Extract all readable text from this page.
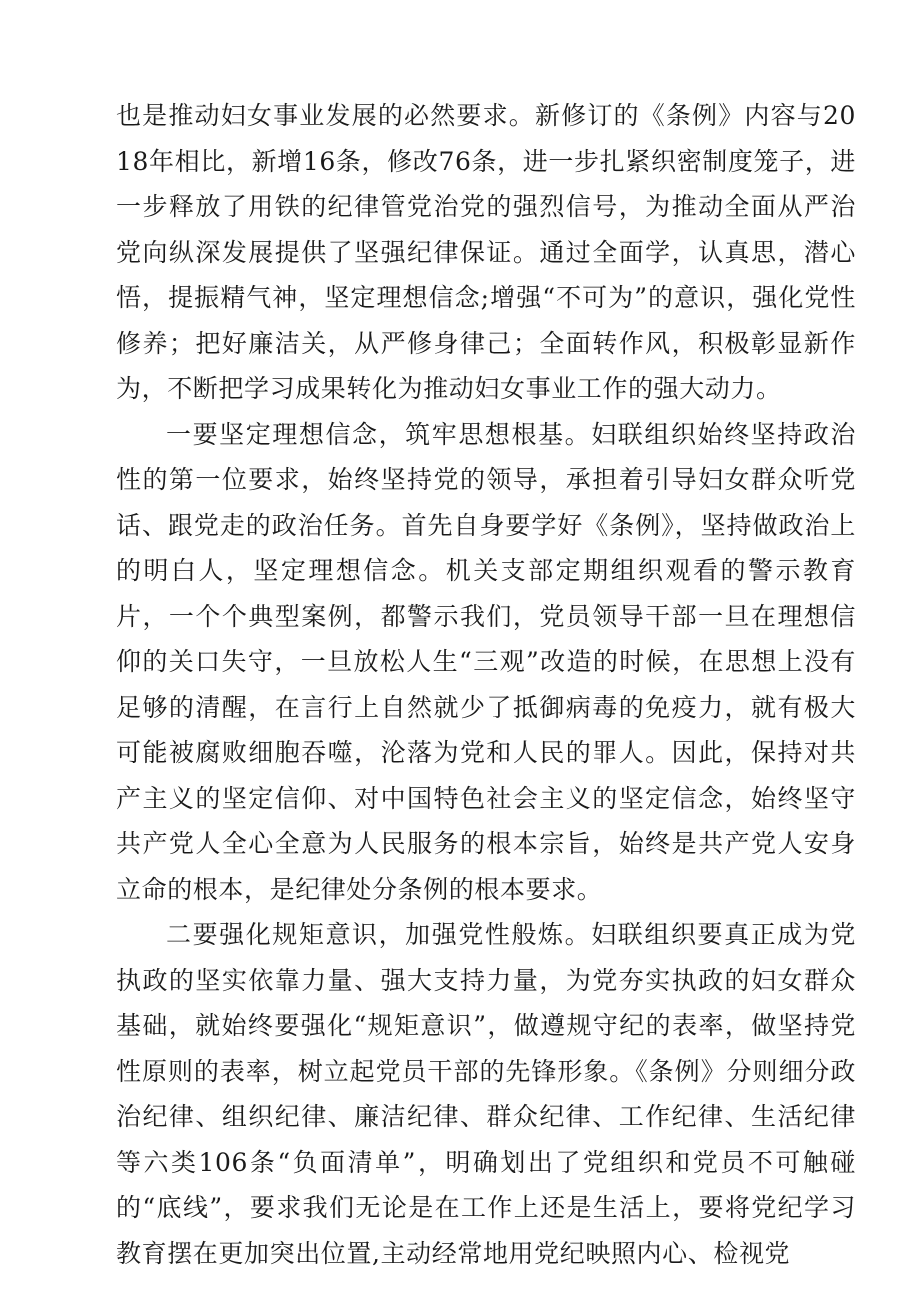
也是推动妇女事业发展的必然要求。新修订的《条例》内容与2018年相比，新增16条，修改76条，进一步扎紧织密制度笼子，进一步释放了用铁的纪律管党治党的强烈信号，为推动全面从严治党向纵深发展提供了坚强纪律保证。通过全面学，认真思，潜心悟，提振精气神，坚定理想信念;增强“不可为”的意识，强化党性修养；把好廉洁关，从严修身律己；全面转作风，积极彰显新作为，不断把学习成果转化为推动妇女事业工作的强大动力。

一要坚定理想信念，筑牢思想根基。妇联组织始终坚持政治性的第一位要求，始终坚持党的领导，承担着引导妇女群众听党话、跟党走的政治任务。首先自身要学好《条例》，坚持做政治上的明白人，坚定理想信念。机关支部定期组织观看的警示教育片，一个个典型案例，都警示我们，党员领导干部一旦在理想信仰的关口失守，一旦放松人生“三观”改造的时候，在思想上没有足够的清醒，在言行上自然就少了抵御病毒的免疫力，就有极大可能被腐败细胞吞噬，沦落为党和人民的罪人。因此，保持对共产主义的坚定信仰、对中国特色社会主义的坚定信念，始终坚守共产党人全心全意为人民服务的根本宗旨，始终是共产党人安身立命的根本，是纪律处分条例的根本要求。

二要强化规矩意识，加强党性般炼。妇联组织要真正成为党执政的坚实依靠力量、强大支持力量，为党夯实执政的妇女群众基础，就始终要强化“规矩意识”，做遵规守纪的表率，做坚持党性原则的表率，树立起党员干部的先锋形象。《条例》分则细分政治纪律、组织纪律、廉洁纪律、群众纪律、工作纪律、生活纪律等六类106条“负面清单”，明确划出了党组织和党员不可触碰的“底线”，要求我们无论是在工作上还是生活上，要将党纪学习教育摆在更加突出位置,主动经常地用党纪映照内心、检视党
